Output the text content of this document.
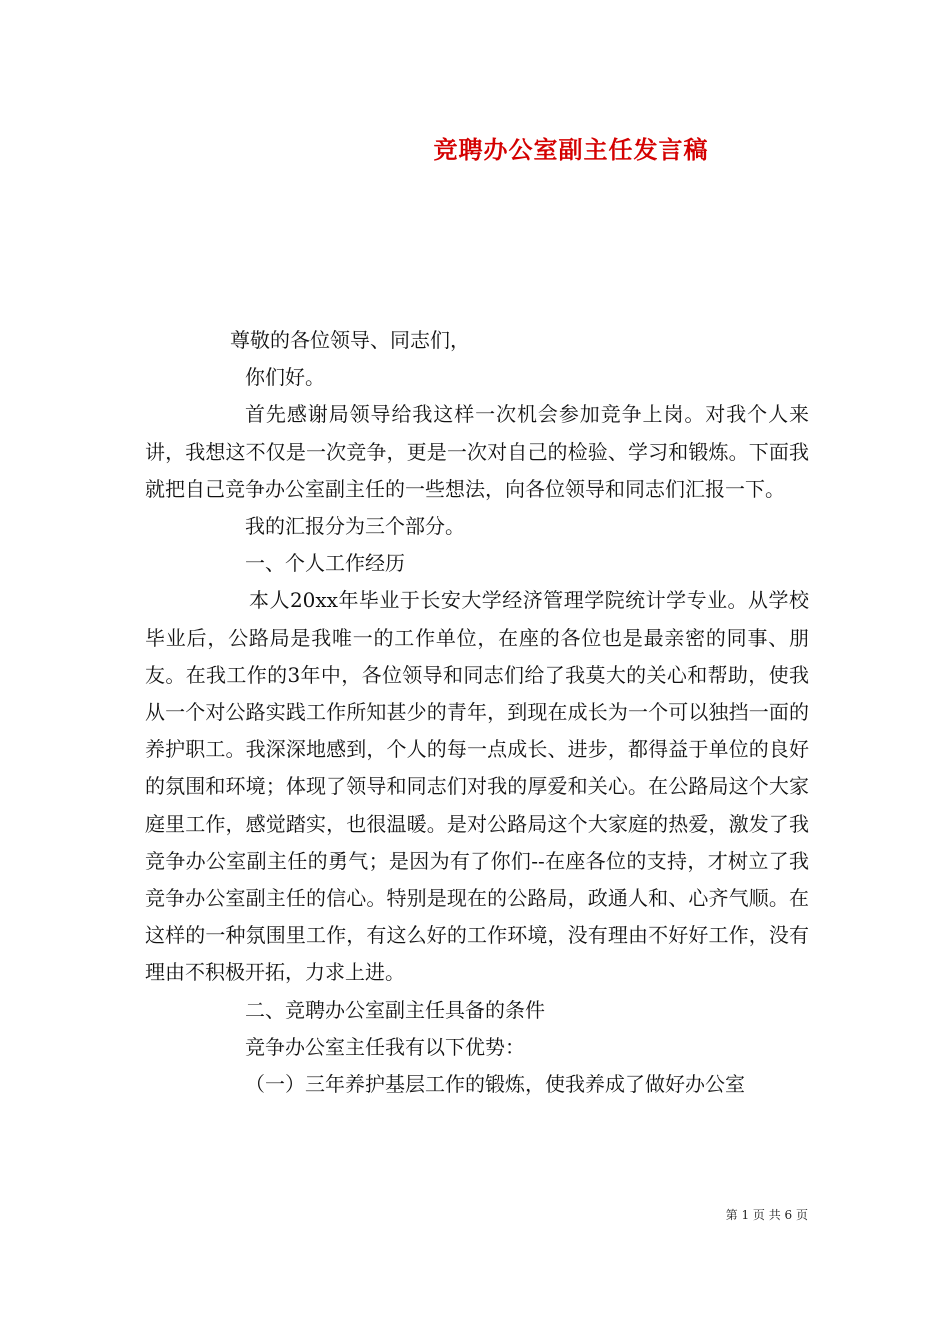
竞聘办公室副主任发言稿

尊敬的各位领导、同志们，

你们好。

首先感谢局领导给我这样一次机会参加竞争上岗。对我个人来讲，我想这不仅是一次竞争，更是一次对自己的检验、学习和锻炼。下面我就把自己竞争办公室副主任的一些想法，向各位领导和同志们汇报一下。

我的汇报分为三个部分。

一、个人工作经历

本人20xx年毕业于长安大学经济管理学院统计学专业。从学校毕业后，公路局是我唯一的工作单位，在座的各位也是最亲密的同事、朋友。在我工作的3年中，各位领导和同志们给了我莫大的关心和帮助，使我从一个对公路实践工作所知甚少的青年，到现在成长为一个可以独挡一面的养护职工。我深深地感到，个人的每一点成长、进步，都得益于单位的良好的氛围和环境；体现了领导和同志们对我的厚爱和关心。在公路局这个大家庭里工作，感觉踏实，也很温暖。是对公路局这个大家庭的热爱，激发了我竞争办公室副主任的勇气；是因为有了你们--在座各位的支持，才树立了我竞争办公室副主任的信心。特别是现在的公路局，政通人和、心齐气顺。在这样的一种氛围里工作，有这么好的工作环境，没有理由不好好工作，没有理由不积极开拓，力求上进。

二、竞聘办公室副主任具备的条件

竞争办公室主任我有以下优势：

（一）三年养护基层工作的锻炼，使我养成了做好办公室

第 1 页 共 6 页
